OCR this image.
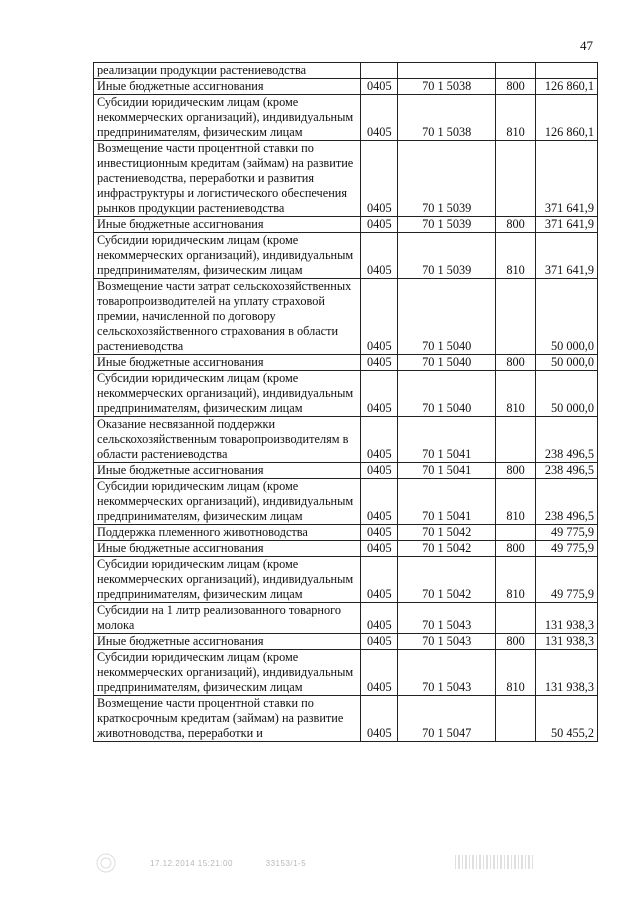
47
реализации продукции растениеводства				
Иные бюджетные ассигнования	0405	70 1 5038	800	126 860,1
Субсидии юридическим лицам (кроме некоммерческих организаций), индивидуальным предпринимателям, физическим лицам	0405	70 1 5038	810	126 860,1
Возмещение части процентной ставки по инвестиционным кредитам (займам) на развитие растениеводства, переработки и развития инфраструктуры и логистического обеспечения рынков продукции растениеводства	0405	70 1 5039		371 641,9
Иные бюджетные ассигнования	0405	70 1 5039	800	371 641,9
Субсидии юридическим лицам (кроме некоммерческих организаций), индивидуальным предпринимателям, физическим лицам	0405	70 1 5039	810	371 641,9
Возмещение части затрат сельскохозяйственных товаропроизводителей на уплату страховой премии, начисленной по договору сельскохозяйственного страхования в области растениеводства	0405	70 1 5040		50 000,0
Иные бюджетные ассигнования	0405	70 1 5040	800	50 000,0
Субсидии юридическим лицам (кроме некоммерческих организаций), индивидуальным предпринимателям, физическим лицам	0405	70 1 5040	810	50 000,0
Оказание несвязанной поддержки сельскохозяйственным товаропроизводителям в области растениеводства	0405	70 1 5041		238 496,5
Иные бюджетные ассигнования	0405	70 1 5041	800	238 496,5
Субсидии юридическим лицам (кроме некоммерческих организаций), индивидуальным предпринимателям, физическим лицам	0405	70 1 5041	810	238 496,5
Поддержка племенного животноводства	0405	70 1 5042		49 775,9
Иные бюджетные ассигнования	0405	70 1 5042	800	49 775,9
Субсидии юридическим лицам (кроме некоммерческих организаций), индивидуальным предпринимателям, физическим лицам	0405	70 1 5042	810	49 775,9
Субсидии на 1 литр реализованного товарного молока	0405	70 1 5043		131 938,3
Иные бюджетные ассигнования	0405	70 1 5043	800	131 938,3
Субсидии юридическим лицам (кроме некоммерческих организаций), индивидуальным предпринимателям, физическим лицам	0405	70 1 5043	810	131 938,3
Возмещение части процентной ставки по краткосрочным кредитам (займам) на развитие животноводства, переработки и	0405	70 1 5047		50 455,2
17.12.2014 15:21:00	33153/1-5
